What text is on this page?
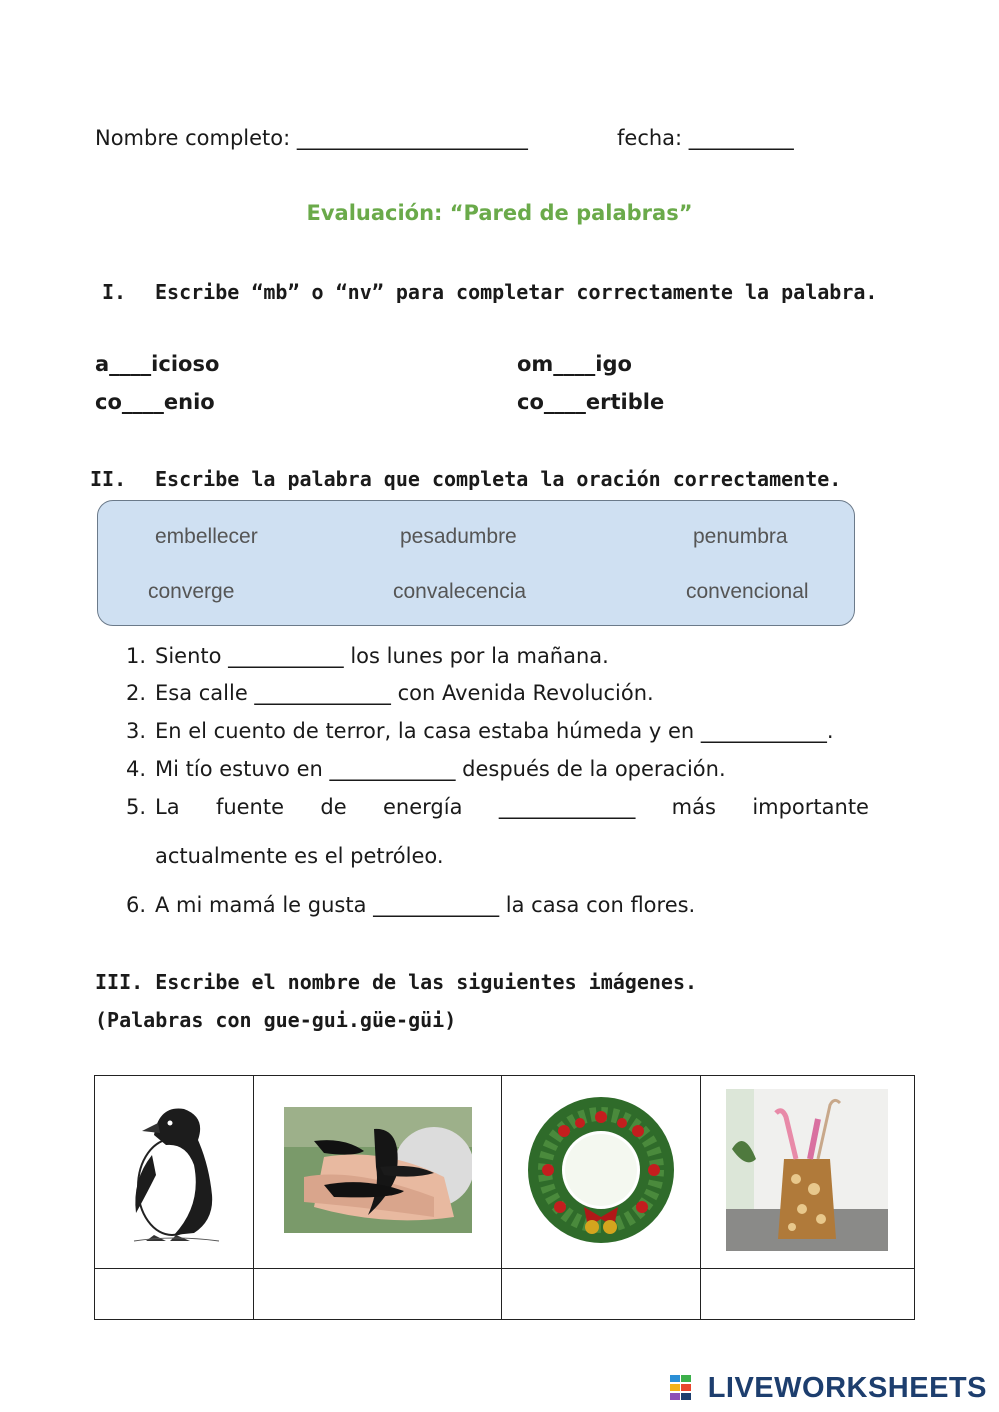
Nombre completo: ______________________	fecha: __________
Evaluación: “Pared de palabras”
I. Escribe “mb” o “nv” para completar correctamente la palabra.
a____icioso	om____igo
co____enio	co____ertible
II. Escribe la palabra que completa la oración correctamente.
embellecer	pesadumbre	penumbra
converge	convalecencia	convencional
1. Siento ___________ los lunes por la mañana.
2. Esa calle _____________ con Avenida Revolución.
3. En el cuento de terror, la casa estaba húmeda y en ____________.
4. Mi tío estuvo en ____________ después de la operación.
5. La fuente de energía _____________ más importante
actualmente es el petróleo.
6. A mi mamá le gusta ____________ la casa con flores.
III. Escribe el nombre de las siguientes imágenes.
(Palabras con gue-gui.güe-güi)

LIVEWORKSHEETS
